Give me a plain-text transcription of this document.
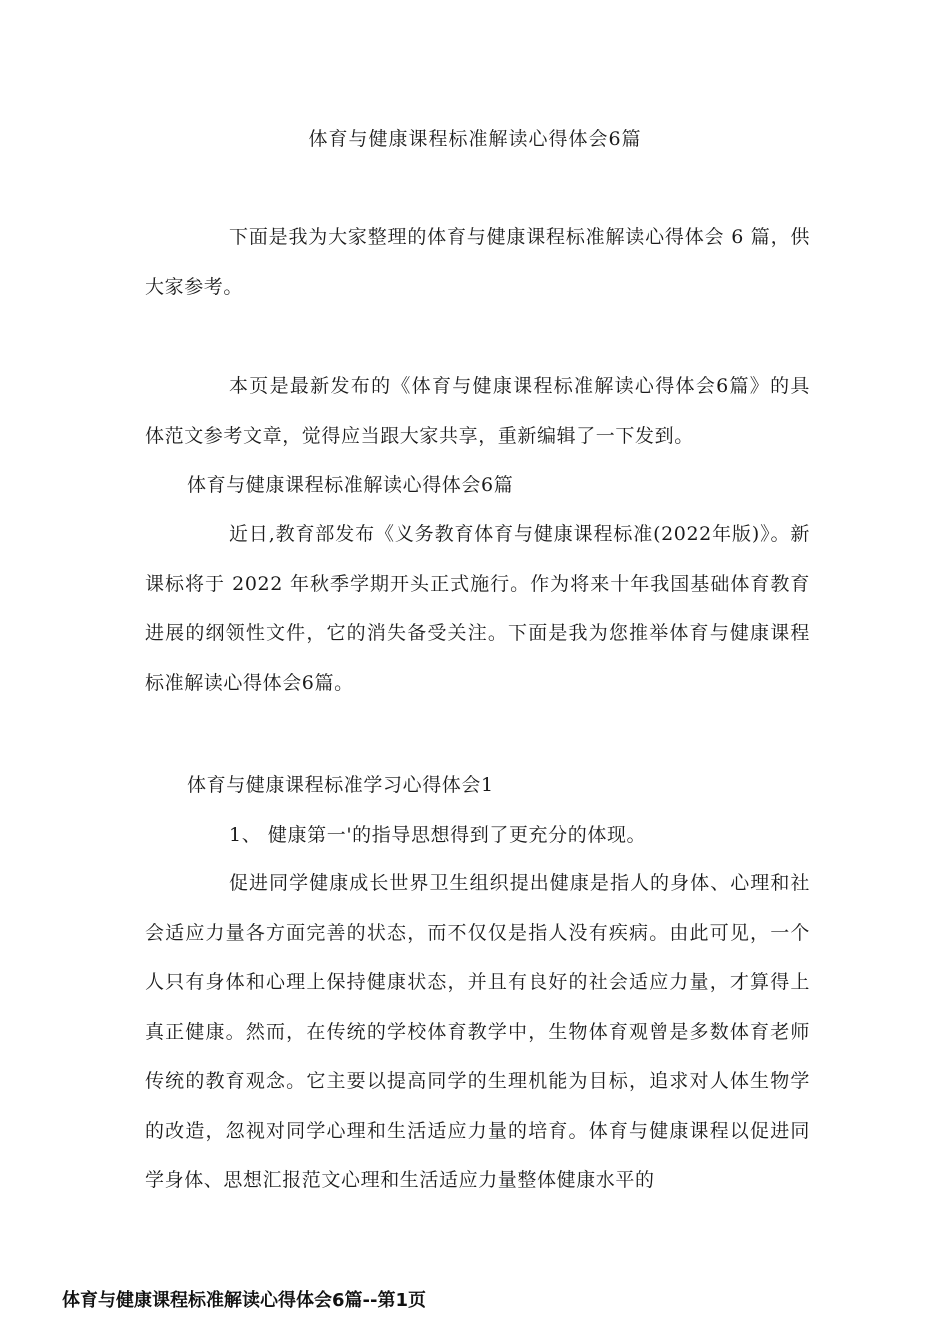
体育与健康课程标准解读心得体会6篇
下面是我为大家整理的体育与健康课程标准解读心得体会 6 篇，供大家参考。
本页是最新发布的《体育与健康课程标准解读心得体会6篇》的具体范文参考文章，觉得应当跟大家共享，重新编辑了一下发到。
体育与健康课程标准解读心得体会6篇
近日,教育部发布《义务教育体育与健康课程标准(2022年版)》。新课标将于 2022 年秋季学期开头正式施行。作为将来十年我国基础体育教育进展的纲领性文件，它的消失备受关注。下面是我为您推举体育与健康课程标准解读心得体会6篇。
体育与健康课程标准学习心得体会1
1、 健康第一'的指导思想得到了更充分的体现。
促进同学健康成长世界卫生组织提出健康是指人的身体、心理和社会适应力量各方面完善的状态，而不仅仅是指人没有疾病。由此可见，一个人只有身体和心理上保持健康状态，并且有良好的社会适应力量，才算得上真正健康。然而，在传统的学校体育教学中，生物体育观曾是多数体育老师传统的教育观念。它主要以提高同学的生理机能为目标，追求对人体生物学的改造，忽视对同学心理和生活适应力量的培育。体育与健康课程以促进同学身体、思想汇报范文心理和生活适应力量整体健康水平的
体育与健康课程标准解读心得体会6篇--第1页
